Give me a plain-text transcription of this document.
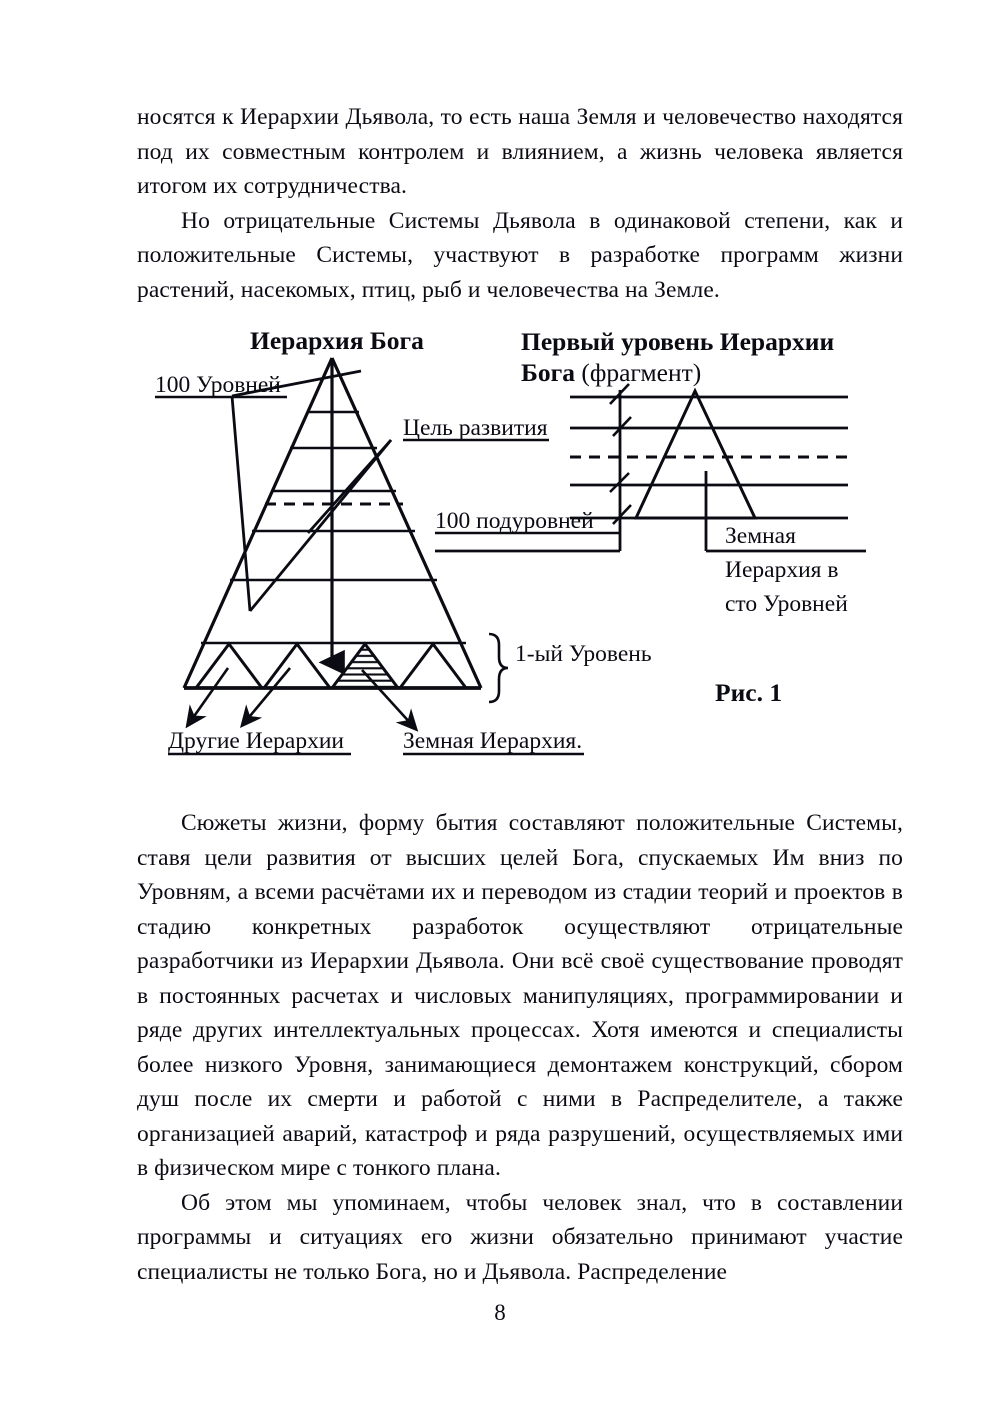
носятся к Иерархии Дьявола, то есть наша Земля и человечество находятся под их совместным контролем и влиянием, а жизнь человека является итогом их сотрудничества.

Но отрицательные Системы Дьявола в одинаковой степени, как и положительные Системы, участвуют в разработке программ жизни растений, насекомых, птиц, рыб и человечества на Земле.

Иерархия Бога
100 Уровней
Цель развития
100 подуровней
1-ый Уровень
Другие Иерархии	Земная Иерархия.
Первый уровень Иерархии
Бога (фрагмент)
Земная
Иерархия в
сто Уровней
Рис. 1

Сюжеты жизни, форму бытия составляют положительные Системы, ставя цели развития от высших целей Бога, спускаемых Им вниз по Уровням, а всеми расчётами их и переводом из стадии теорий и проектов в стадию конкретных разработок осуществляют отрицательные разработчики из Иерархии Дьявола. Они всё своё существование проводят в постоянных расчетах и числовых манипуляциях, программировании и ряде других интеллектуальных процессах. Хотя имеются и специалисты более низкого Уровня, занимающиеся демонтажем конструкций, сбором душ после их смерти и работой с ними в Распределителе, а также организацией аварий, катастроф и ряда разрушений, осуществляемых ими в физическом мире с тонкого плана.

Об этом мы упоминаем, чтобы человек знал, что в составлении программы и ситуациях его жизни обязательно принимают участие специалисты не только Бога, но и Дьявола. Распределение

8
